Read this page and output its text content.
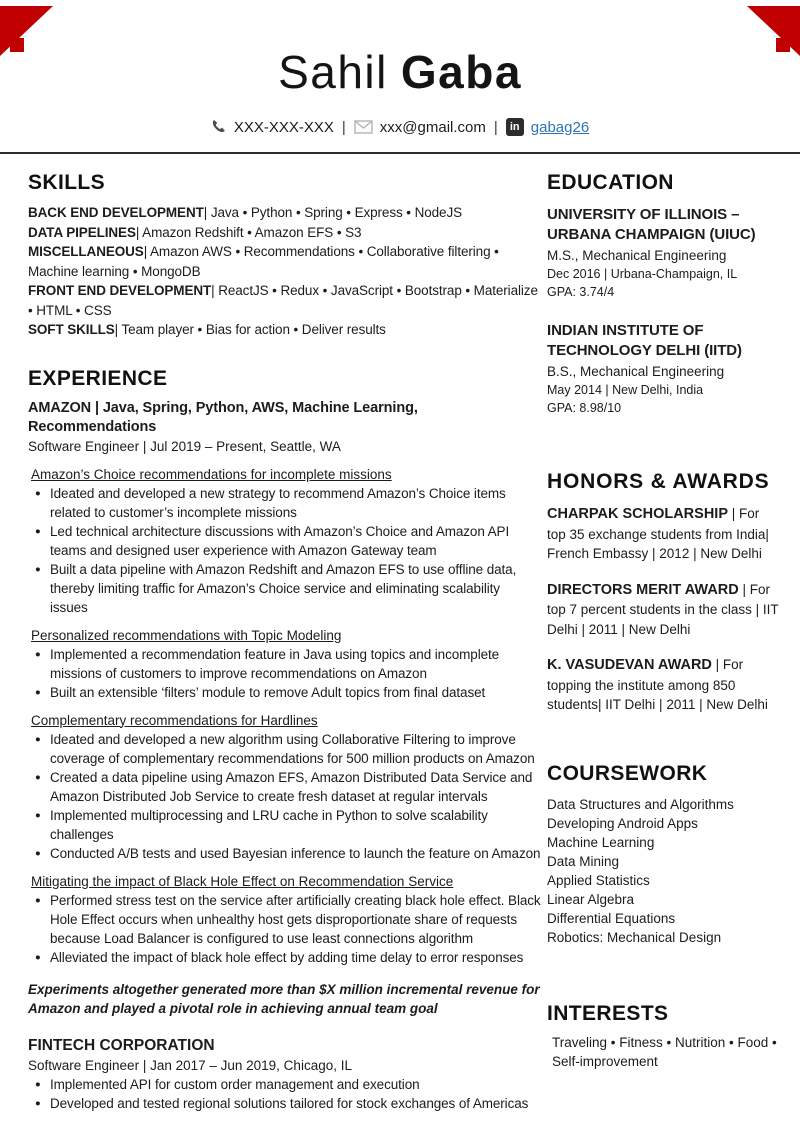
Sahil Gaba
XXX-XXX-XXX | xxx@gmail.com |	in gabag26
SKILLS
BACK END DEVELOPMENT| Java • Python • Spring • Express • NodeJS
DATA PIPELINES| Amazon Redshift • Amazon EFS • S3
MISCELLANEOUS| Amazon AWS • Recommendations • Collaborative filtering • Machine learning • MongoDB
FRONT END DEVELOPMENT| ReactJS • Redux • JavaScript • Bootstrap • Materialize • HTML • CSS
SOFT SKILLS| Team player • Bias for action • Deliver results
EXPERIENCE
AMAZON | Java, Spring, Python, AWS, Machine Learning, Recommendations
Software Engineer | Jul 2019 – Present, Seattle, WA
Amazon’s Choice recommendations for incomplete missions
● Ideated and developed a new strategy to recommend Amazon’s Choice items related to customer’s incomplete missions
● Led technical architecture discussions with Amazon’s Choice and Amazon API teams and designed user experience with Amazon Gateway team
● Built a data pipeline with Amazon Redshift and Amazon EFS to use offline data, thereby limiting traffic for Amazon’s Choice service and eliminating scalability issues
Personalized recommendations with Topic Modeling
● Implemented a recommendation feature in Java using topics and incomplete missions of customers to improve recommendations on Amazon
● Built an extensible ‘filters’ module to remove Adult topics from final dataset
Complementary recommendations for Hardlines
● Ideated and developed a new algorithm using Collaborative Filtering to improve coverage of complementary recommendations for 500 million products on Amazon
● Created a data pipeline using Amazon EFS, Amazon Distributed Data Service and Amazon Distributed Job Service to create fresh dataset at regular intervals
● Implemented multiprocessing and LRU cache in Python to solve scalability challenges
● Conducted A/B tests and used Bayesian inference to launch the feature on Amazon
Mitigating the impact of Black Hole Effect on Recommendation Service
● Performed stress test on the service after artificially creating black hole effect. Black Hole Effect occurs when unhealthy host gets disproportionate share of requests because Load Balancer is configured to use least connections algorithm
● Alleviated the impact of black hole effect by adding time delay to error responses
Experiments altogether generated more than $X million incremental revenue for Amazon and played a pivotal role in achieving annual team goal
FINTECH CORPORATION
Software Engineer | Jan 2017 – Jun 2019, Chicago, IL
● Implemented API for custom order management and execution
● Developed and tested regional solutions tailored for stock exchanges of Americas
EDUCATION
UNIVERSITY OF ILLINOIS – URBANA CHAMPAIGN (UIUC)
M.S., Mechanical Engineering
Dec 2016 | Urbana-Champaign, IL
GPA: 3.74/4
INDIAN INSTITUTE OF TECHNOLOGY DELHI (IITD)
B.S., Mechanical Engineering
May 2014 | New Delhi, India
GPA: 8.98/10
HONORS & AWARDS
CHARPAK SCHOLARSHIP | For top 35 exchange students from India| French Embassy | 2012 | New Delhi
DIRECTORS MERIT AWARD | For top 7 percent students in the class | IIT Delhi | 2011 | New Delhi
K. VASUDEVAN AWARD | For topping the institute among 850 students| IIT Delhi | 2011 | New Delhi
COURSEWORK
Data Structures and Algorithms
Developing Android Apps
Machine Learning
Data Mining
Applied Statistics
Linear Algebra
Differential Equations
Robotics: Mechanical Design
INTERESTS
Traveling • Fitness • Nutrition • Food • Self-improvement
